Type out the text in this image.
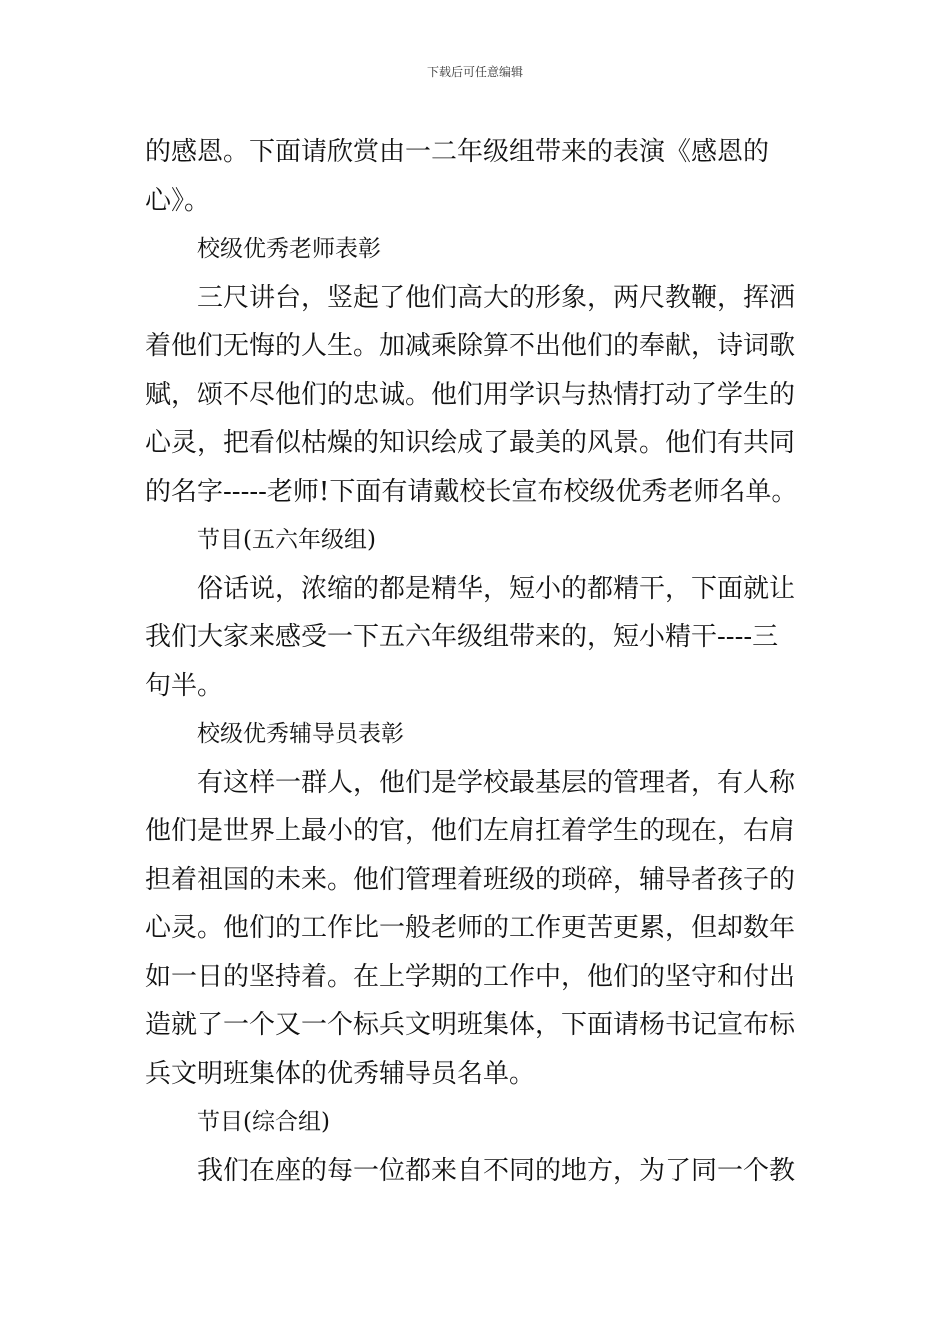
下载后可任意编辑
的感恩。下面请欣赏由一二年级组带来的表演《感恩的
心》。
校级优秀老师表彰
三尺讲台，竖起了他们高大的形象，两尺教鞭，挥洒
着他们无悔的人生。加减乘除算不出他们的奉献，诗词歌
赋，颂不尽他们的忠诚。他们用学识与热情打动了学生的
心灵，把看似枯燥的知识绘成了最美的风景。他们有共同
的名字-----老师!下面有请戴校长宣布校级优秀老师名单。
节目(五六年级组)
俗话说，浓缩的都是精华，短小的都精干，下面就让
我们大家来感受一下五六年级组带来的，短小精干----三
句半。
校级优秀辅导员表彰
有这样一群人，他们是学校最基层的管理者，有人称
他们是世界上最小的官，他们左肩扛着学生的现在，右肩
担着祖国的未来。他们管理着班级的琐碎，辅导者孩子的
心灵。他们的工作比一般老师的工作更苦更累，但却数年
如一日的坚持着。在上学期的工作中，他们的坚守和付出
造就了一个又一个标兵文明班集体，下面请杨书记宣布标
兵文明班集体的优秀辅导员名单。
节目(综合组)
我们在座的每一位都来自不同的地方，为了同一个教
